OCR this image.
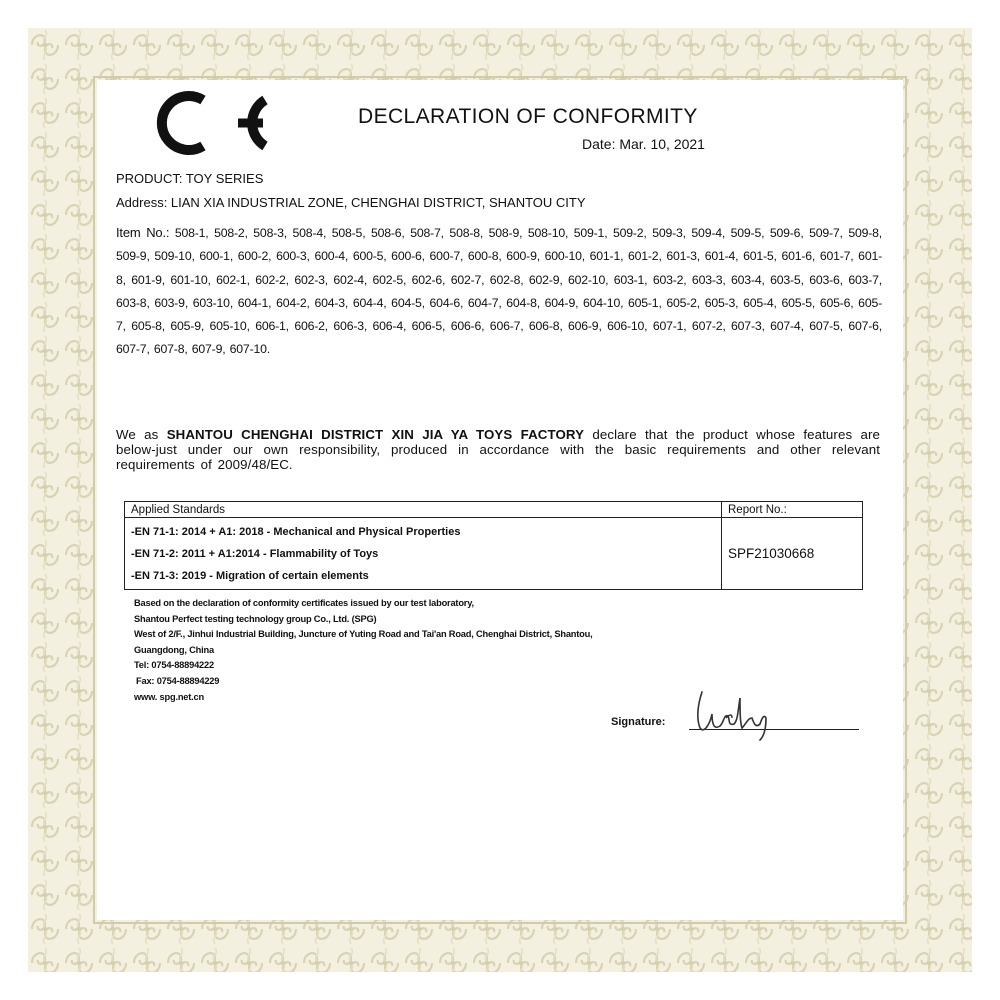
DECLARATION OF CONFORMITY
Date: Mar. 10, 2021
PRODUCT: TOY SERIES
Address: LIAN XIA INDUSTRIAL ZONE, CHENGHAI DISTRICT, SHANTOU CITY
Item No.: 508-1, 508-2, 508-3, 508-4, 508-5, 508-6, 508-7, 508-8, 508-9, 508-10, 509-1, 509-2, 509-3, 509-4, 509-5, 509-6, 509-7, 509-8, 509-9, 509-10, 600-1, 600-2, 600-3, 600-4, 600-5, 600-6, 600-7, 600-8, 600-9, 600-10, 601-1, 601-2, 601-3, 601-4, 601-5, 601-6, 601-7, 601-8, 601-9, 601-10, 602-1, 602-2, 602-3, 602-4, 602-5, 602-6, 602-7, 602-8, 602-9, 602-10, 603-1, 603-2, 603-3, 603-4, 603-5, 603-6, 603-7, 603-8, 603-9, 603-10, 604-1, 604-2, 604-3, 604-4, 604-5, 604-6, 604-7, 604-8, 604-9, 604-10, 605-1, 605-2, 605-3, 605-4, 605-5, 605-6, 605-7, 605-8, 605-9, 605-10, 606-1, 606-2, 606-3, 606-4, 606-5, 606-6, 606-7, 606-8, 606-9, 606-10, 607-1, 607-2, 607-3, 607-4, 607-5, 607-6, 607-7, 607-8, 607-9, 607-10.
We as SHANTOU CHENGHAI DISTRICT XIN JIA YA TOYS FACTORY declare that the product whose features are below-just under our own responsibility, produced in accordance with the basic requirements and other relevant requirements of 2009/48/EC.
Applied Standards	Report No.:

-EN 71-1: 2014 + A1: 2018 - Mechanical and Physical Properties
-EN 71-2: 2011 + A1:2014 - Flammability of Toys
-EN 71-3: 2019 - Migration of certain elements	SPF21030668
Based on the declaration of conformity certificates issued by our test laboratory,
Shantou Perfect testing technology group Co., Ltd. (SPG)
West of 2/F., Jinhui Industrial Building, Juncture of Yuting Road and Tai'an Road, Chenghai District, Shantou,
Guangdong, China
Tel: 0754-88894222
Fax: 0754-88894229
www. spg.net.cn
Signature:
